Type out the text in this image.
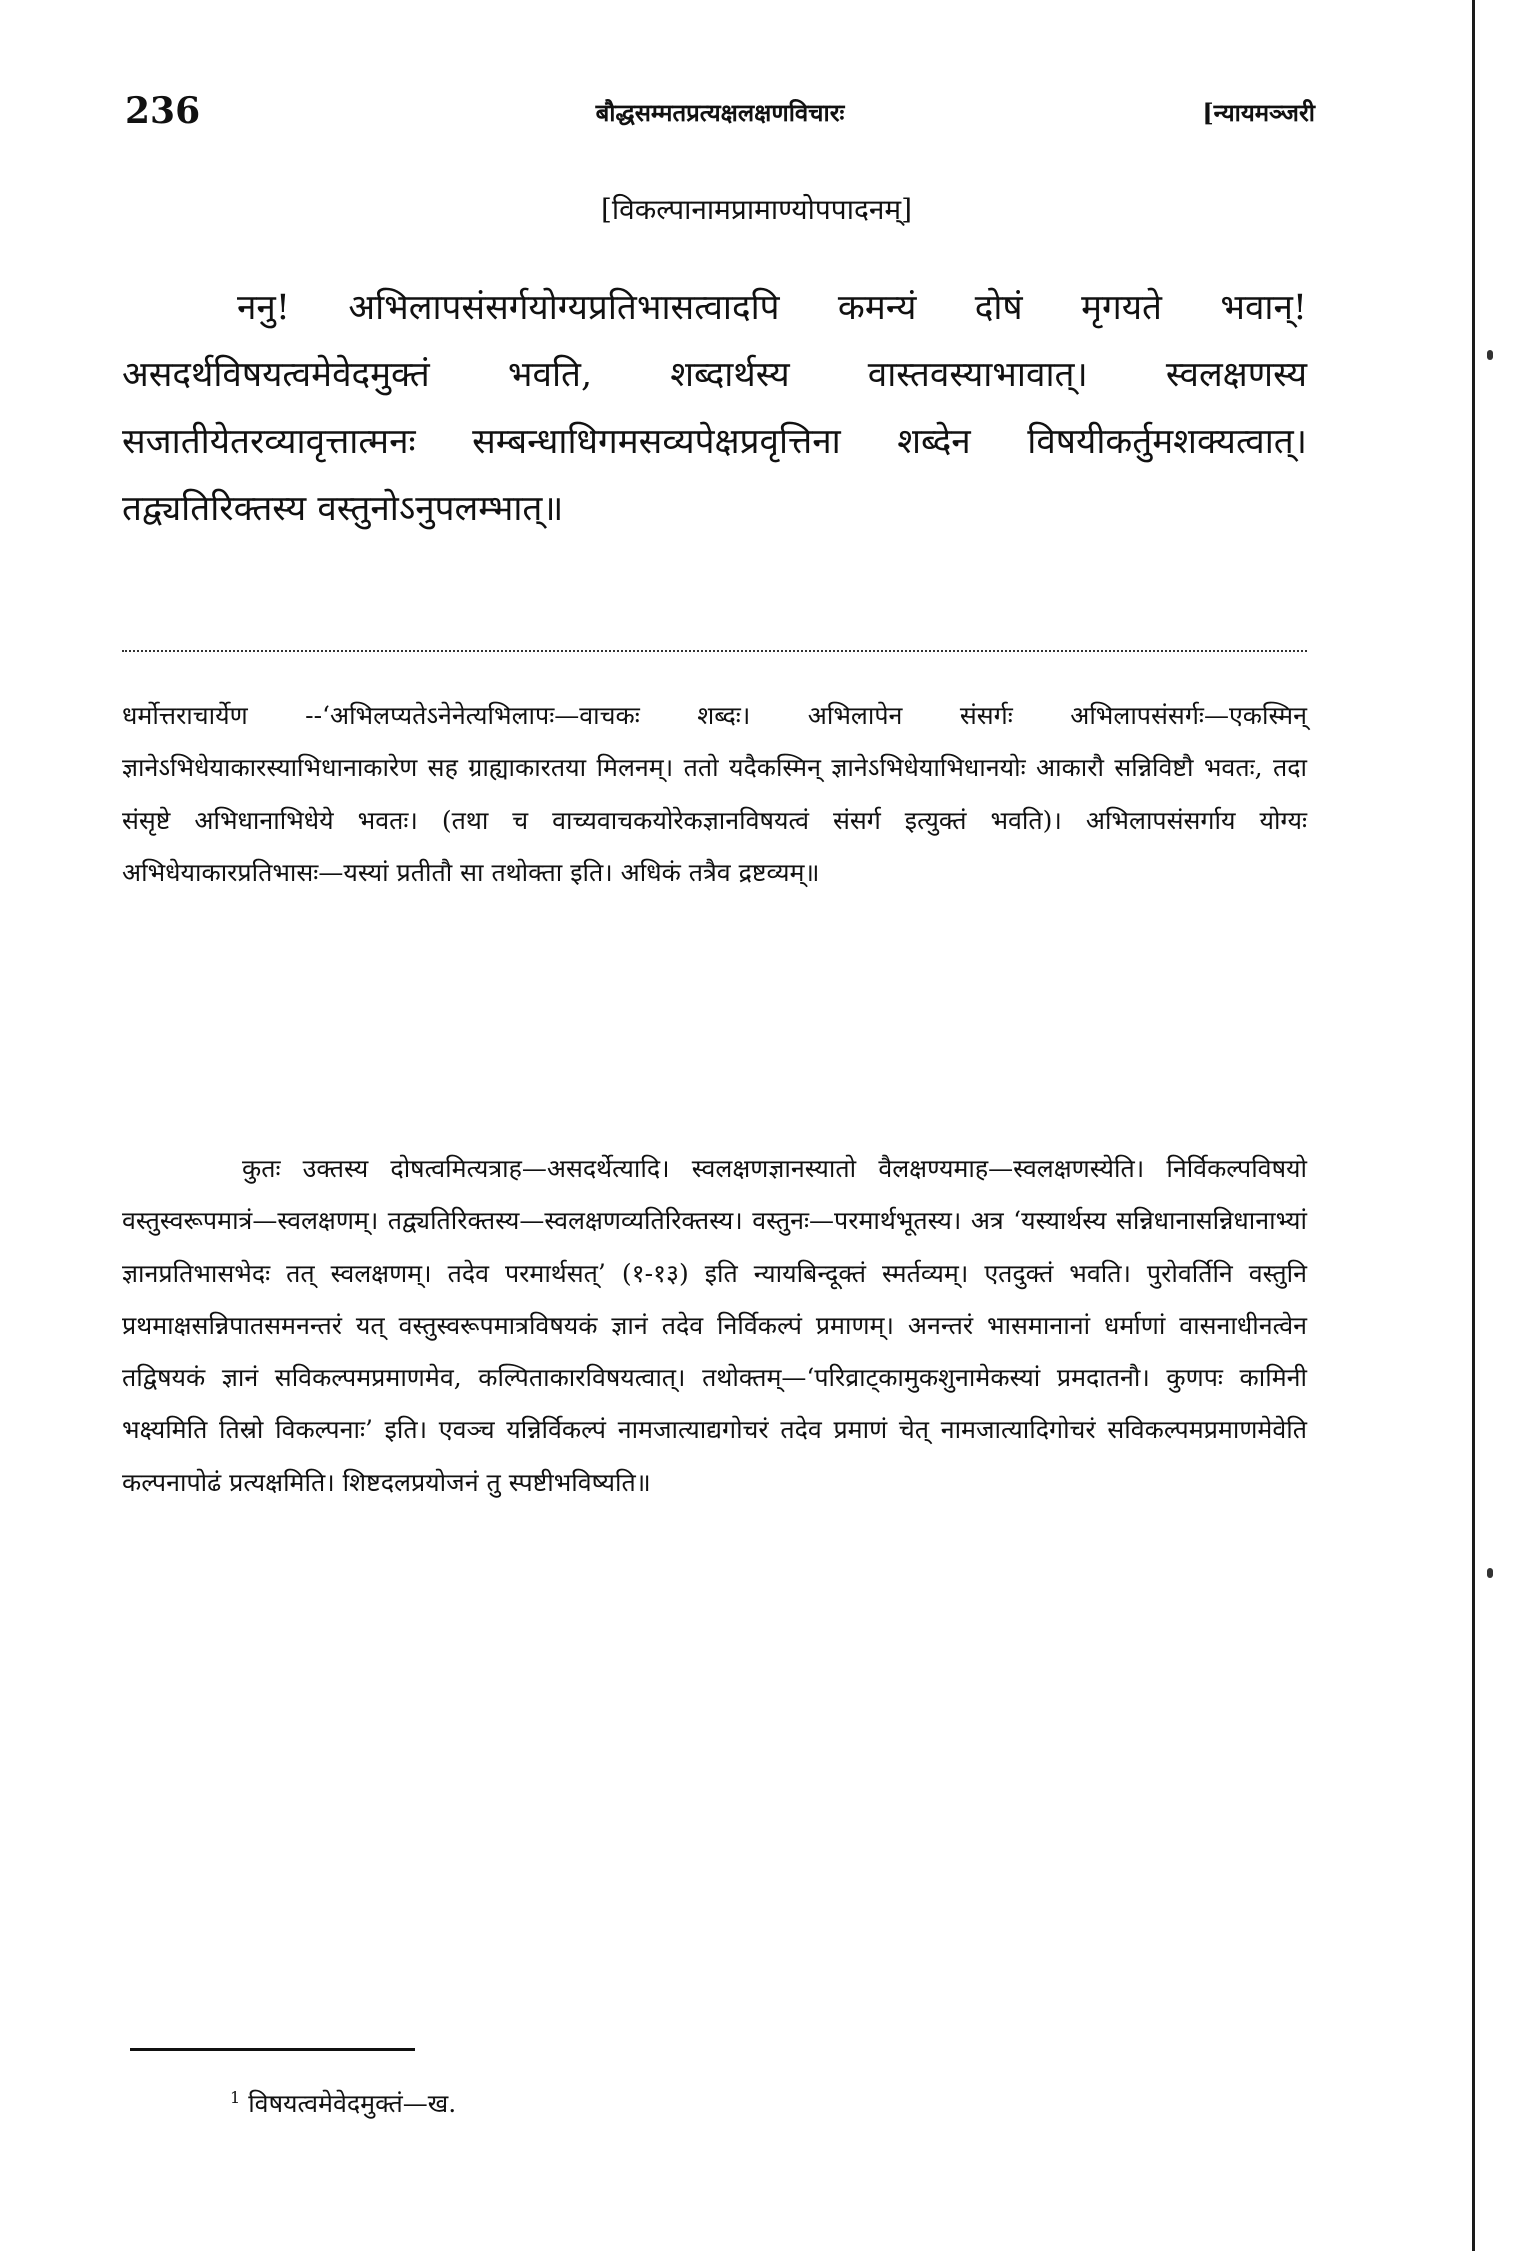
236	बौद्धसम्मतप्रत्यक्षलक्षणविचारः	[न्यायमञ्जरी
[विकल्पानामप्रामाण्योपपादनम्]

ननु! अभिलापसंसर्गयोग्यप्रतिभासत्वादपि कमन्यं दोषं मृगयते भवान्! असदर्थविषयत्वमेवेदमुक्तं भवति, शब्दार्थस्य वास्तवस्याभावात्। स्वलक्षणस्य सजातीयेतरव्यावृत्तात्मनः सम्बन्धाधिगमसव्यपेक्षप्रवृत्तिना शब्देन विषयीकर्तुमशक्यत्वात्। तद्व्यतिरिक्तस्य वस्तुनोऽनुपलम्भात्॥

धर्मोत्तराचार्येण --‘अभिलप्यतेऽनेनेत्यभिलापः—वाचकः शब्दः। अभिलापेन संसर्गः अभिलापसंसर्गः—एकस्मिन् ज्ञानेऽभिधेयाकारस्याभिधानाकारेण सह ग्राह्याकारतया मिलनम्। ततो यदैकस्मिन् ज्ञानेऽभिधेयाभिधानयोः आकारौ सन्निविष्टौ भवतः, तदा संसृष्टे अभिधानाभिधेये भवतः। (तथा च वाच्यवाचकयोरेकज्ञानविषयत्वं संसर्ग इत्युक्तं भवति)। अभिलापसंसर्गाय योग्यः अभिधेयाकारप्रतिभासः—यस्यां प्रतीतौ सा तथोक्ता इति। अधिकं तत्रैव द्रष्टव्यम्॥

कुतः उक्तस्य दोषत्वमित्यत्राह—असदर्थेत्यादि। स्वलक्षणज्ञानस्यातो वैलक्षण्यमाह—स्वलक्षणस्येति। निर्विकल्पविषयो वस्तुस्वरूपमात्रं—स्वलक्षणम्। तद्व्यतिरिक्तस्य—स्वलक्षणव्यतिरिक्तस्य। वस्तुनः—परमार्थभूतस्य। अत्र ‘यस्यार्थस्य सन्निधानासन्निधानाभ्यां ज्ञानप्रतिभासभेदः तत् स्वलक्षणम्। तदेव परमार्थसत्’ (१-१३) इति न्यायबिन्दूक्तं स्मर्तव्यम्। एतदुक्तं भवति। पुरोवर्तिनि वस्तुनि प्रथमाक्षसन्निपातसमनन्तरं यत् वस्तुस्वरूपमात्रविषयकं ज्ञानं तदेव निर्विकल्पं प्रमाणम्। अनन्तरं भासमानानां धर्माणां वासनाधीनत्वेन तद्विषयकं ज्ञानं सविकल्पमप्रमाणमेव, कल्पिताकारविषयत्वात्। तथोक्तम्—‘परिव्राट्कामुकशुनामेकस्यां प्रमदातनौ। कुणपः कामिनी भक्ष्यमिति तिस्रो विकल्पनाः’ इति। एवञ्च यन्निर्विकल्पं नामजात्याद्यगोचरं तदेव प्रमाणं चेत् नामजात्यादिगोचरं सविकल्पमप्रमाणमेवेति कल्पनापोढं प्रत्यक्षमिति। शिष्टदलप्रयोजनं तु स्पष्टीभविष्यति॥

$^1$ विषयत्वमेवेदमुक्तं—ख.
